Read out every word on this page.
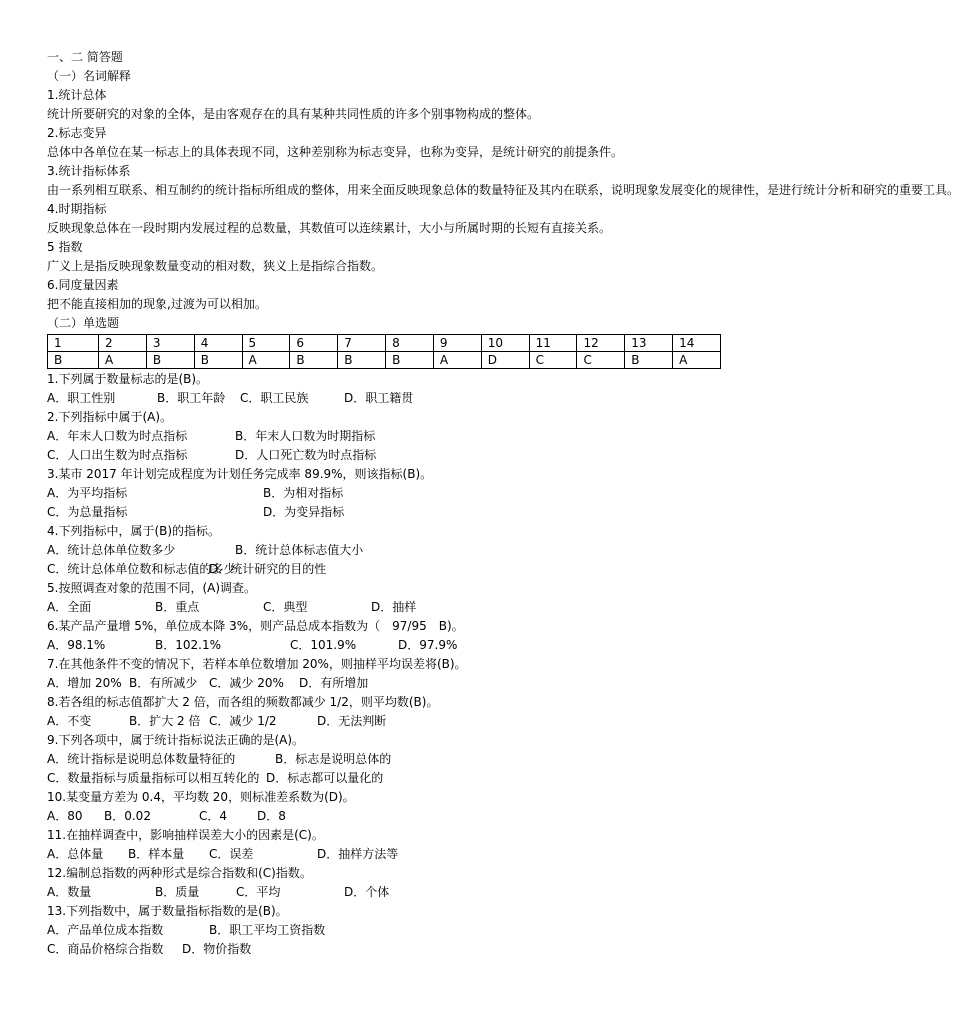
一、二 简答题
（一）名词解释
1.统计总体
统计所要研究的对象的全体，是由客观存在的具有某种共同性质的许多个别事物构成的整体。
2.标志变异
总体中各单位在某一标志上的具体表现不同，这种差别称为标志变异，也称为变异，是统计研究的前提条件。
3.统计指标体系
由一系列相互联系、相互制约的统计指标所组成的整体，用来全面反映现象总体的数量特征及其内在联系，说明现象发展变化的规律性，是进行统计分析和研究的重要工具。
4.时期指标
反映现象总体在一段时期内发展过程的总数量，其数值可以连续累计，大小与所属时期的长短有直接关系。
5 指数
广义上是指反映现象数量变动的相对数，狭义上是指综合指数。
6.同度量因素
把不能直接相加的现象,过渡为可以相加。
（二）单选题
1	2	3	4	5	6	7	8	9	10	11	12	13	14
B	A	B	B	A	B	B	B	A	D	C	C	B	A
1.下列属于数量标志的是(B)。
A．职工性别	B．职工年龄 C．职工民族	D．职工籍贯
2.下列指标中属于(A)。
A．年末人口数为时点指标	B．年末人口数为时期指标
C．人口出生数为时点指标	D．人口死亡数为时点指标
3.某市 2017 年计划完成程度为计划任务完成率 89.9%，则该指标(B)。
A．为平均指标	B．为相对指标
C．为总量指标	D．为变异指标
4.下列指标中，属于(B)的指标。
A．统计总体单位数多少	B．统计总体标志值大小
C．统计总体单位数和标志值的多少
D．统计研究的目的性
5.按照调查对象的范围不同，(A)调查。
A．全面	B．重点	C．典型	D．抽样
6.某产品产量增 5%，单位成本降 3%，则产品总成本指数为（　97/95　B)。
A．98.1%	B．102.1%	C．101.9%	D．97.9%
7.在其他条件不变的情况下，若样本单位数增加 20%，则抽样平均误差将(B)。
A．增加 20% B．有所减少 C．减少 20% D．有所增加
8.若各组的标志值都扩大 2 倍，而各组的频数都减少 1/2，则平均数(B)。
A．不变	B．扩大 2 倍 C．减少 1/2	D．无法判断
9.下列各项中，属于统计指标说法正确的是(A)。
A．统计指标是说明总体数量特征的	B．标志是说明总体的
C．数量指标与质量指标可以相互转化的 D．标志都可以量化的
10.某变量方差为 0.4，平均数 20，则标准差系数为(D)。
A．80 B．0.02	C．4 D．8
11.在抽样调查中，影响抽样误差大小的因素是(C)。
A．总体量 B．样本量 C．误差	D．抽样方法等
12.编制总指数的两种形式是综合指数和(C)指数。
A．数量	B．质量	C．平均	D．个体
13.下列指数中，属于数量指标指数的是(B)。
A．产品单位成本指数	B．职工平均工资指数
C．商品价格综合指数 D．物价指数
